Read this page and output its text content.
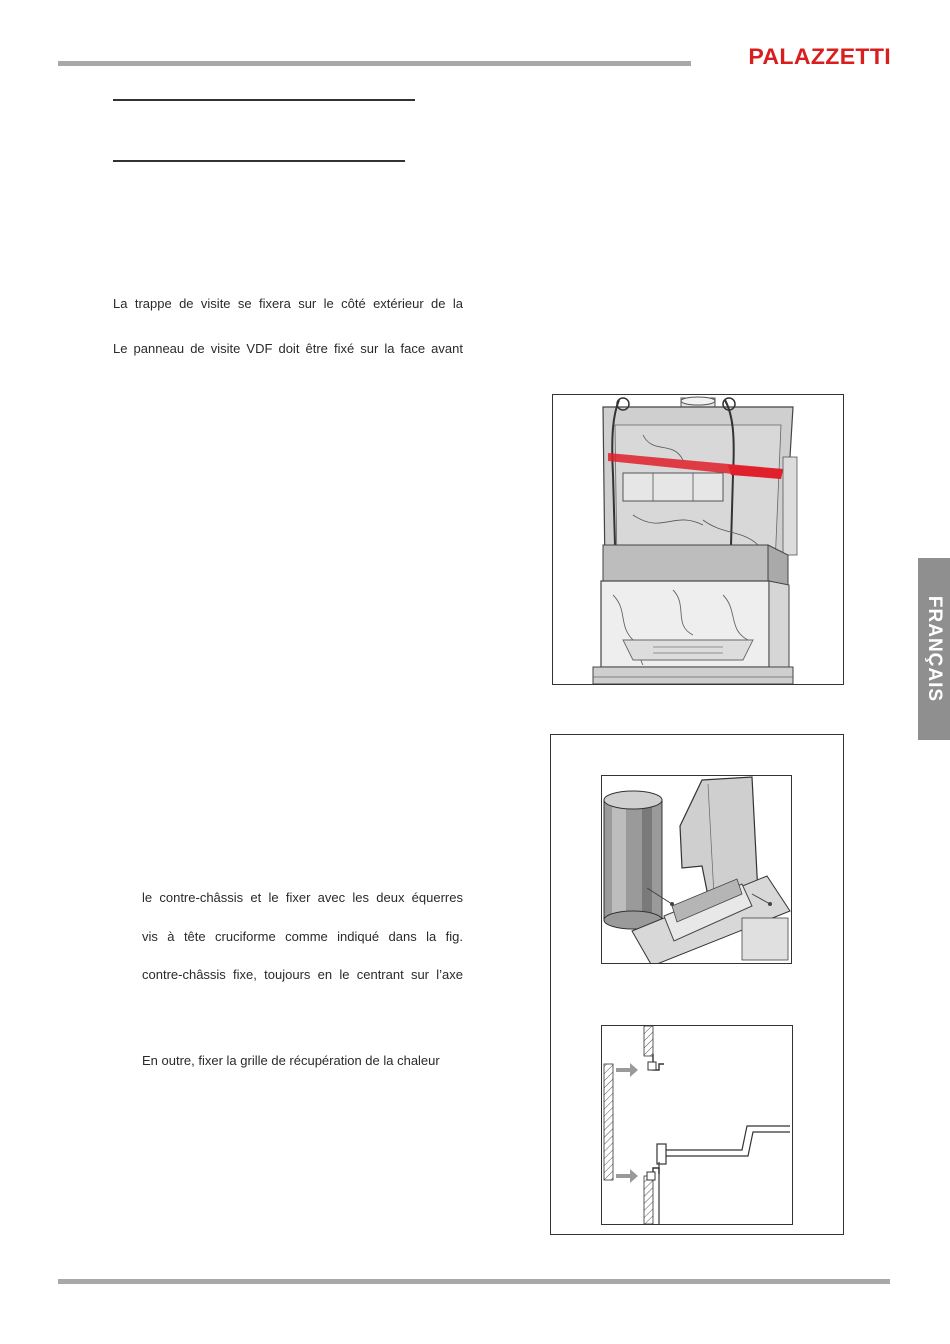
PALAZZETTI
La trappe de visite se fixera sur le côté extérieur de la
Le panneau de visite VDF doit être fixé sur la face avant
le contre-châssis et le fixer avec les deux équerres
vis à tête cruciforme comme indiqué dans la fig.
contre-châssis fixe, toujours en le centrant sur l’axe
En outre, fixer la grille de récupération de la chaleur
FRANÇAIS
